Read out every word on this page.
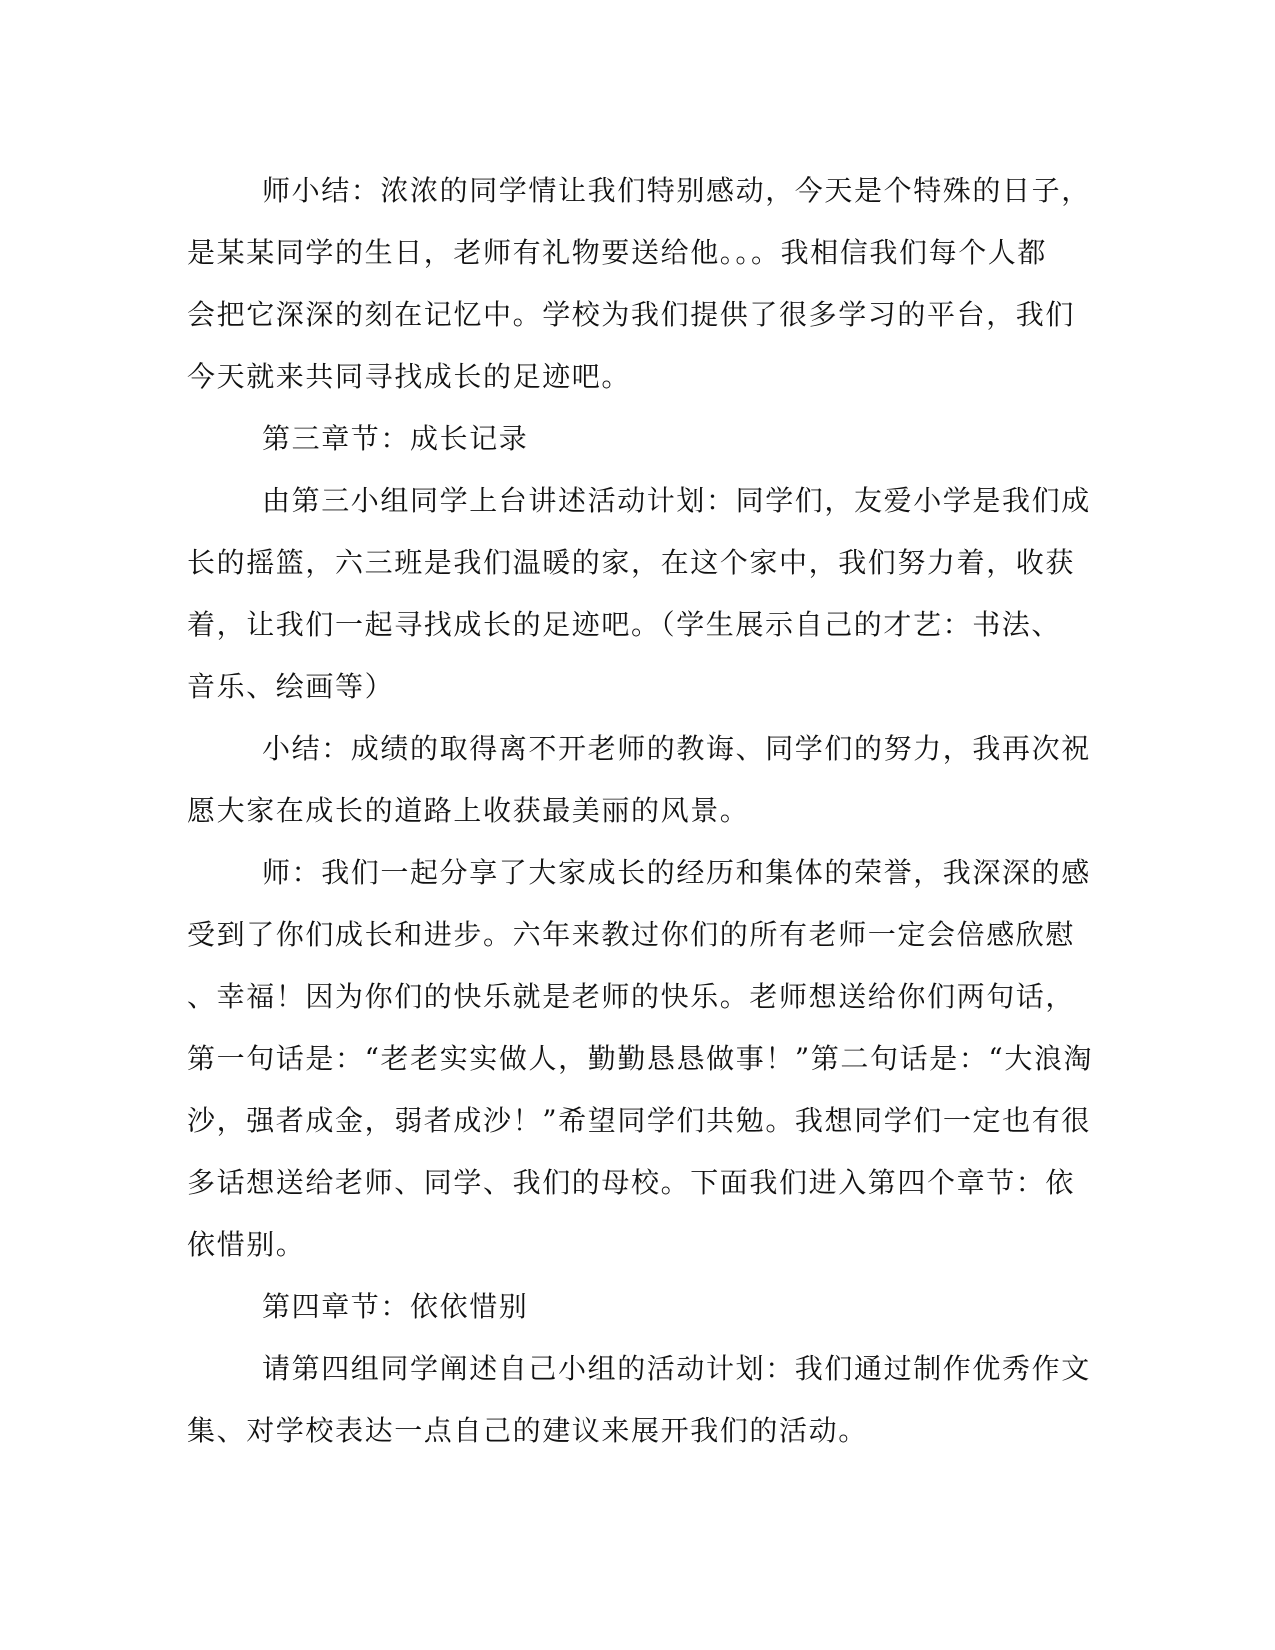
师小结：浓浓的同学情让我们特别感动，今天是个特殊的日子，
是某某同学的生日，老师有礼物要送给他。。。我相信我们每个人都
会把它深深的刻在记忆中。学校为我们提供了很多学习的平台，我们
今天就来共同寻找成长的足迹吧。
第三章节：成长记录
由第三小组同学上台讲述活动计划：同学们，友爱小学是我们成
长的摇篮，六三班是我们温暖的家，在这个家中，我们努力着，收获
着，让我们一起寻找成长的足迹吧。（学生展示自己的才艺：书法、
音乐、绘画等）
小结：成绩的取得离不开老师的教诲、同学们的努力，我再次祝
愿大家在成长的道路上收获最美丽的风景。
师：我们一起分享了大家成长的经历和集体的荣誉，我深深的感
受到了你们成长和进步。六年来教过你们的所有老师一定会倍感欣慰
、幸福！因为你们的快乐就是老师的快乐。老师想送给你们两句话，
第一句话是：“老老实实做人，勤勤恳恳做事！”第二句话是：“大浪淘
沙，强者成金，弱者成沙！”希望同学们共勉。我想同学们一定也有很
多话想送给老师、同学、我们的母校。下面我们进入第四个章节：依
依惜别。
第四章节：依依惜别
请第四组同学阐述自己小组的活动计划：我们通过制作优秀作文
集、对学校表达一点自己的建议来展开我们的活动。
